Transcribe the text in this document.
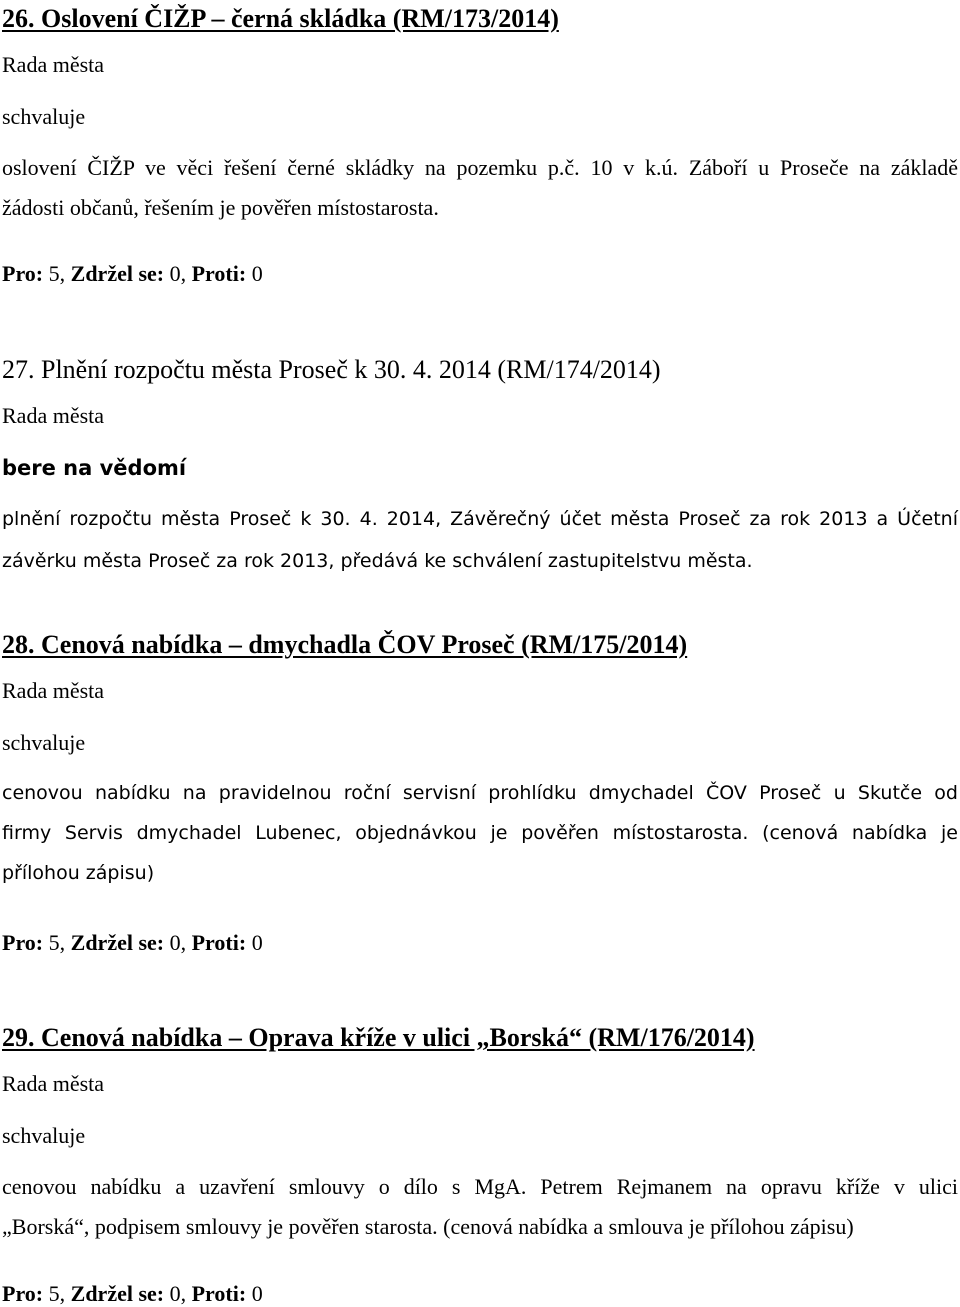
26. Oslovení ČIŽP – černá skládka (RM/173/2014)
Rada města
schvaluje
oslovení ČIŽP ve věci řešení černé skládky na pozemku p.č. 10 v k.ú. Záboří u Proseče na základě
žádosti občanů, řešením je pověřen místostarosta.
Pro: 5, Zdržel se: 0, Proti: 0
27. Plnění rozpočtu města Proseč k 30. 4. 2014 (RM/174/2014)
Rada města
bere na vědomí
plnění rozpočtu města Proseč k 30. 4. 2014, Závěrečný účet města Proseč za rok 2013 a Účetní
závěrku města Proseč za rok 2013, předává ke schválení zastupitelstvu města.
28. Cenová nabídka – dmychadla ČOV Proseč (RM/175/2014)
Rada města
schvaluje
cenovou nabídku na pravidelnou roční servisní prohlídku dmychadel ČOV Proseč u Skutče od
firmy Servis dmychadel Lubenec, objednávkou je pověřen místostarosta. (cenová nabídka je
přílohou zápisu)
Pro: 5, Zdržel se: 0, Proti: 0
29. Cenová nabídka – Oprava kříže v ulici „Borská“ (RM/176/2014)
Rada města
schvaluje
cenovou nabídku a uzavření smlouvy o dílo s MgA. Petrem Rejmanem na opravu kříže v ulici
„Borská“, podpisem smlouvy je pověřen starosta. (cenová nabídka a smlouva je přílohou zápisu)
Pro: 5, Zdržel se: 0, Proti: 0
